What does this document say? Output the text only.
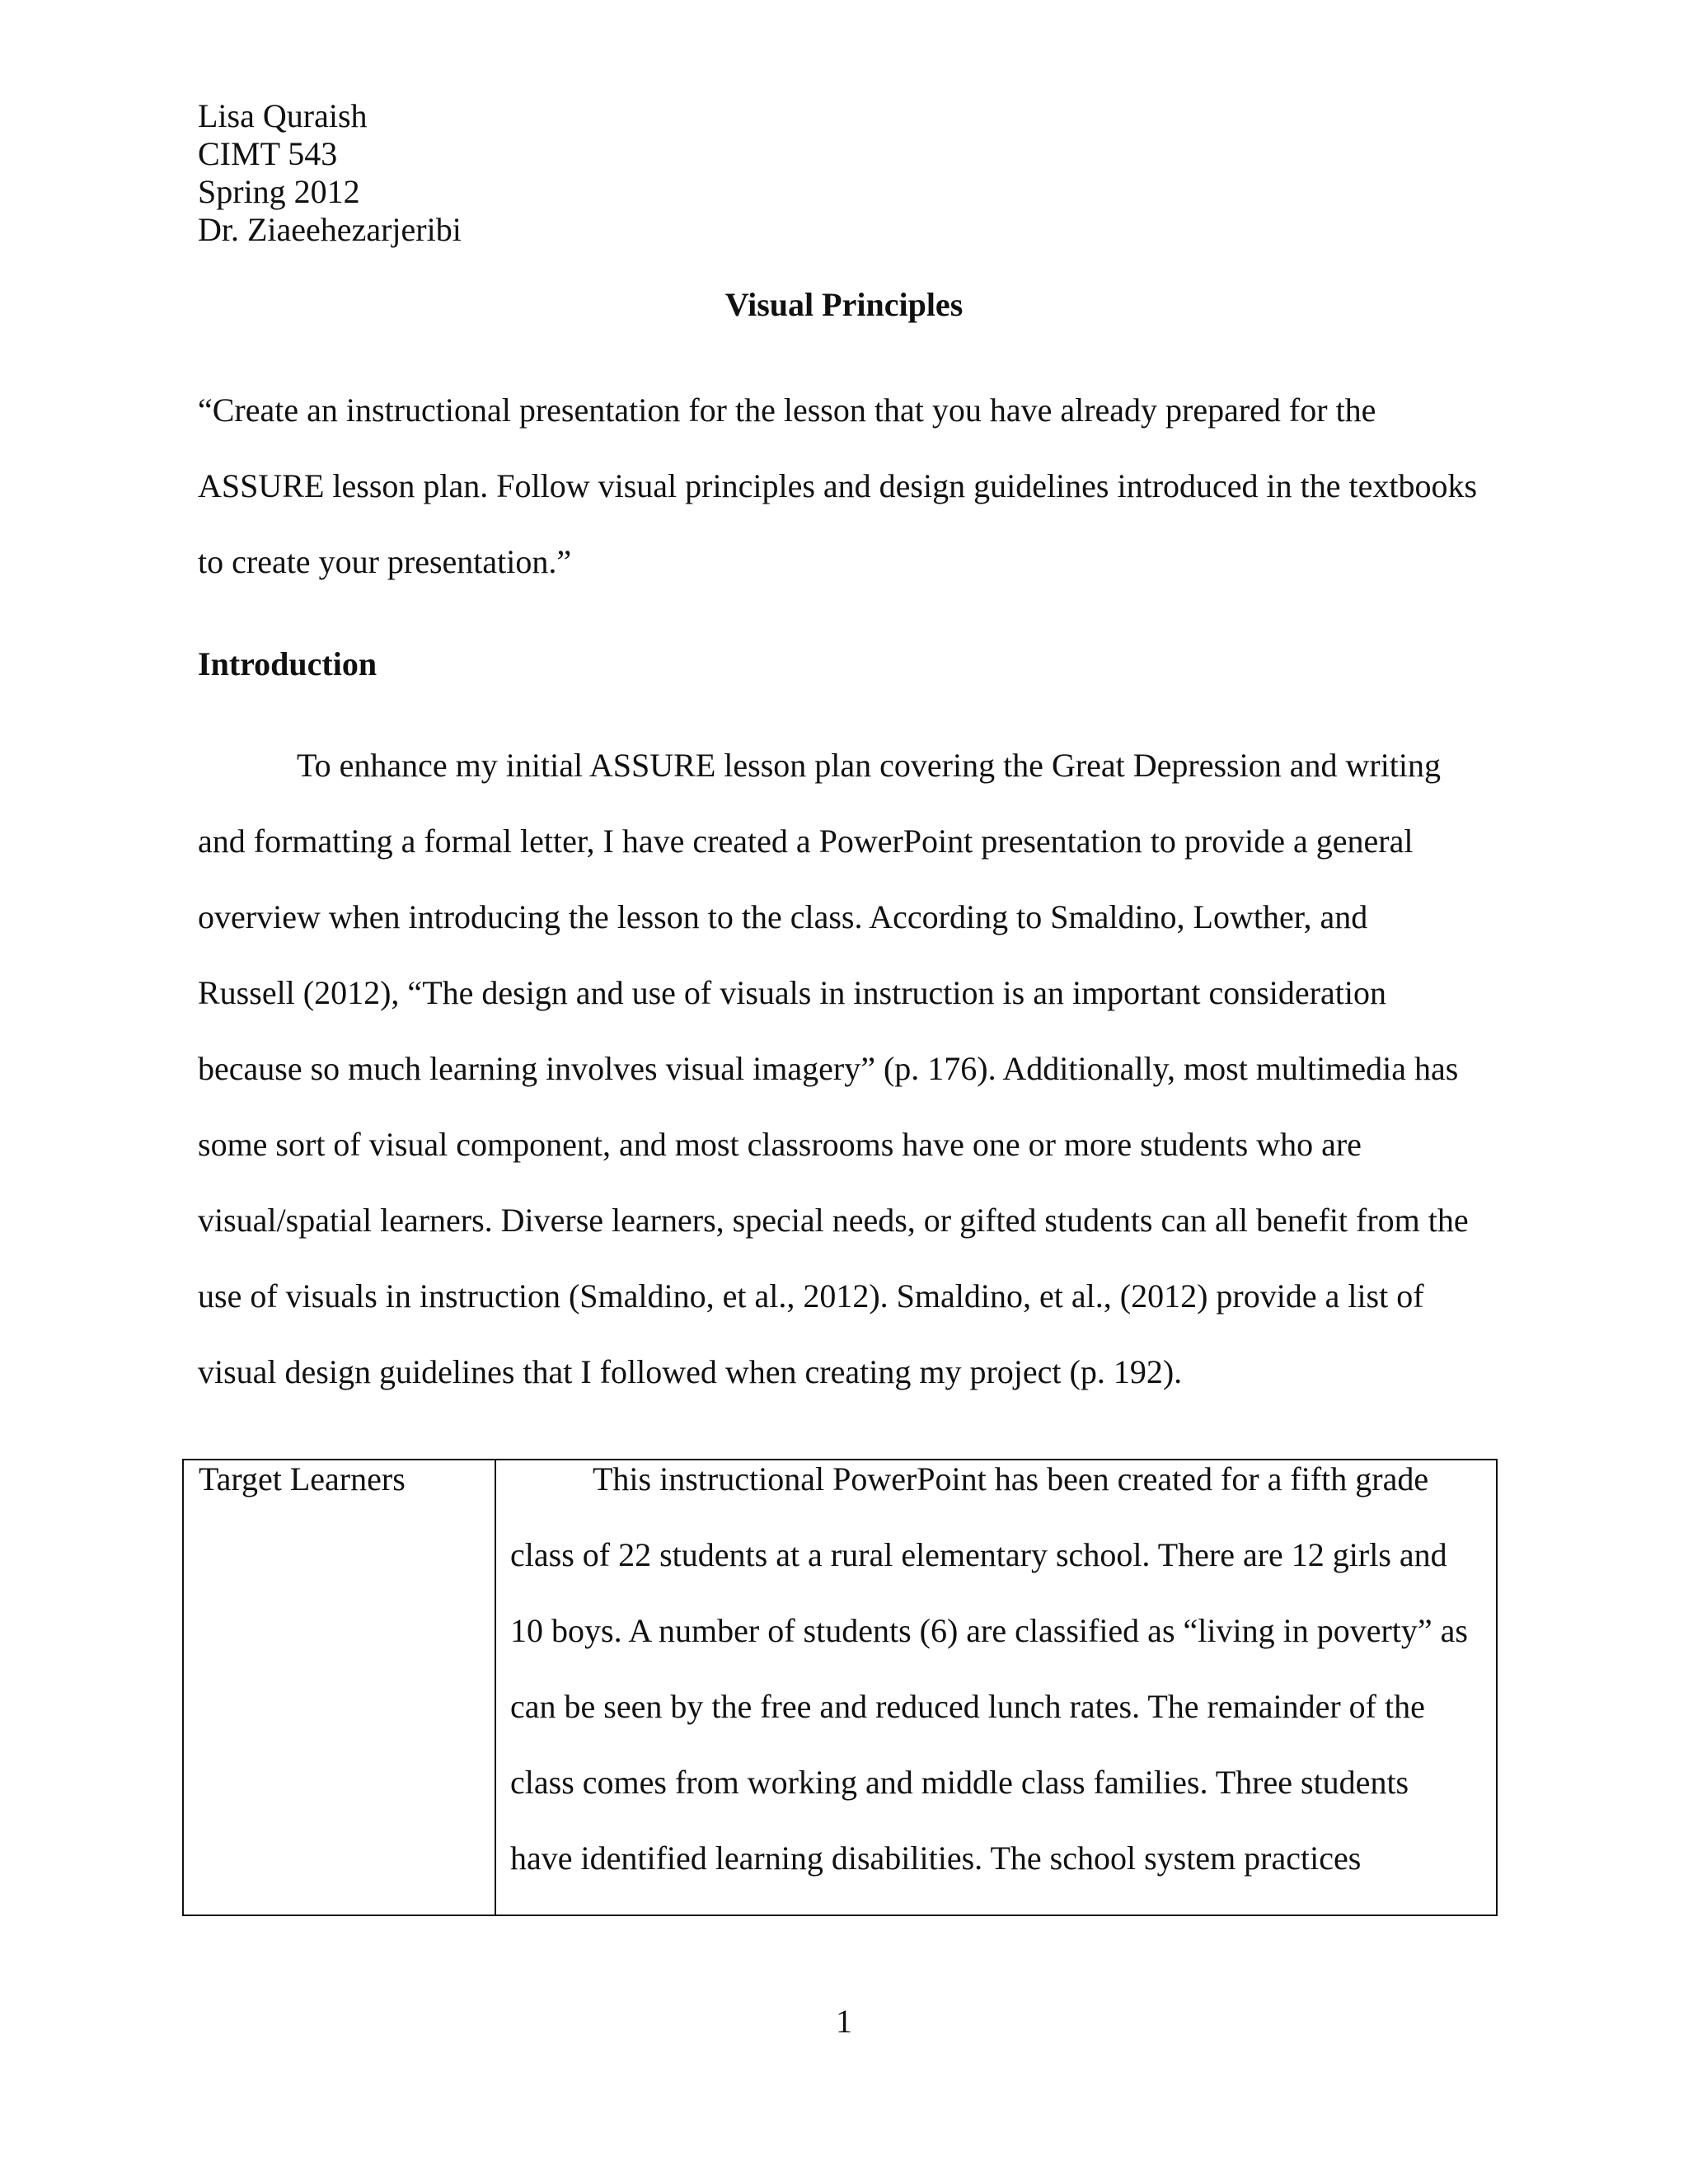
Lisa Quraish
CIMT 543
Spring 2012
Dr. Ziaeehezarjeribi
Visual Principles
“Create an instructional presentation for the lesson that you have already prepared for the
ASSURE lesson plan. Follow visual principles and design guidelines introduced in the textbooks
to create your presentation.”
Introduction
To enhance my initial ASSURE lesson plan covering the Great Depression and writing
and formatting a formal letter, I have created a PowerPoint presentation to provide a general
overview when introducing the lesson to the class. According to Smaldino, Lowther, and
Russell (2012), “The design and use of visuals in instruction is an important consideration
because so much learning involves visual imagery” (p. 176). Additionally, most multimedia has
some sort of visual component, and most classrooms have one or more students who are
visual/spatial learners. Diverse learners, special needs, or gifted students can all benefit from the
use of visuals in instruction (Smaldino, et al., 2012). Smaldino, et al., (2012) provide a list of
visual design guidelines that I followed when creating my project (p. 192).
Target Learners	This instructional PowerPoint has been created for a fifth grade
class of 22 students at a rural elementary school. There are 12 girls and
10 boys. A number of students (6) are classified as “living in poverty” as
can be seen by the free and reduced lunch rates. The remainder of the
class comes from working and middle class families. Three students
have identified learning disabilities. The school system practices
1
